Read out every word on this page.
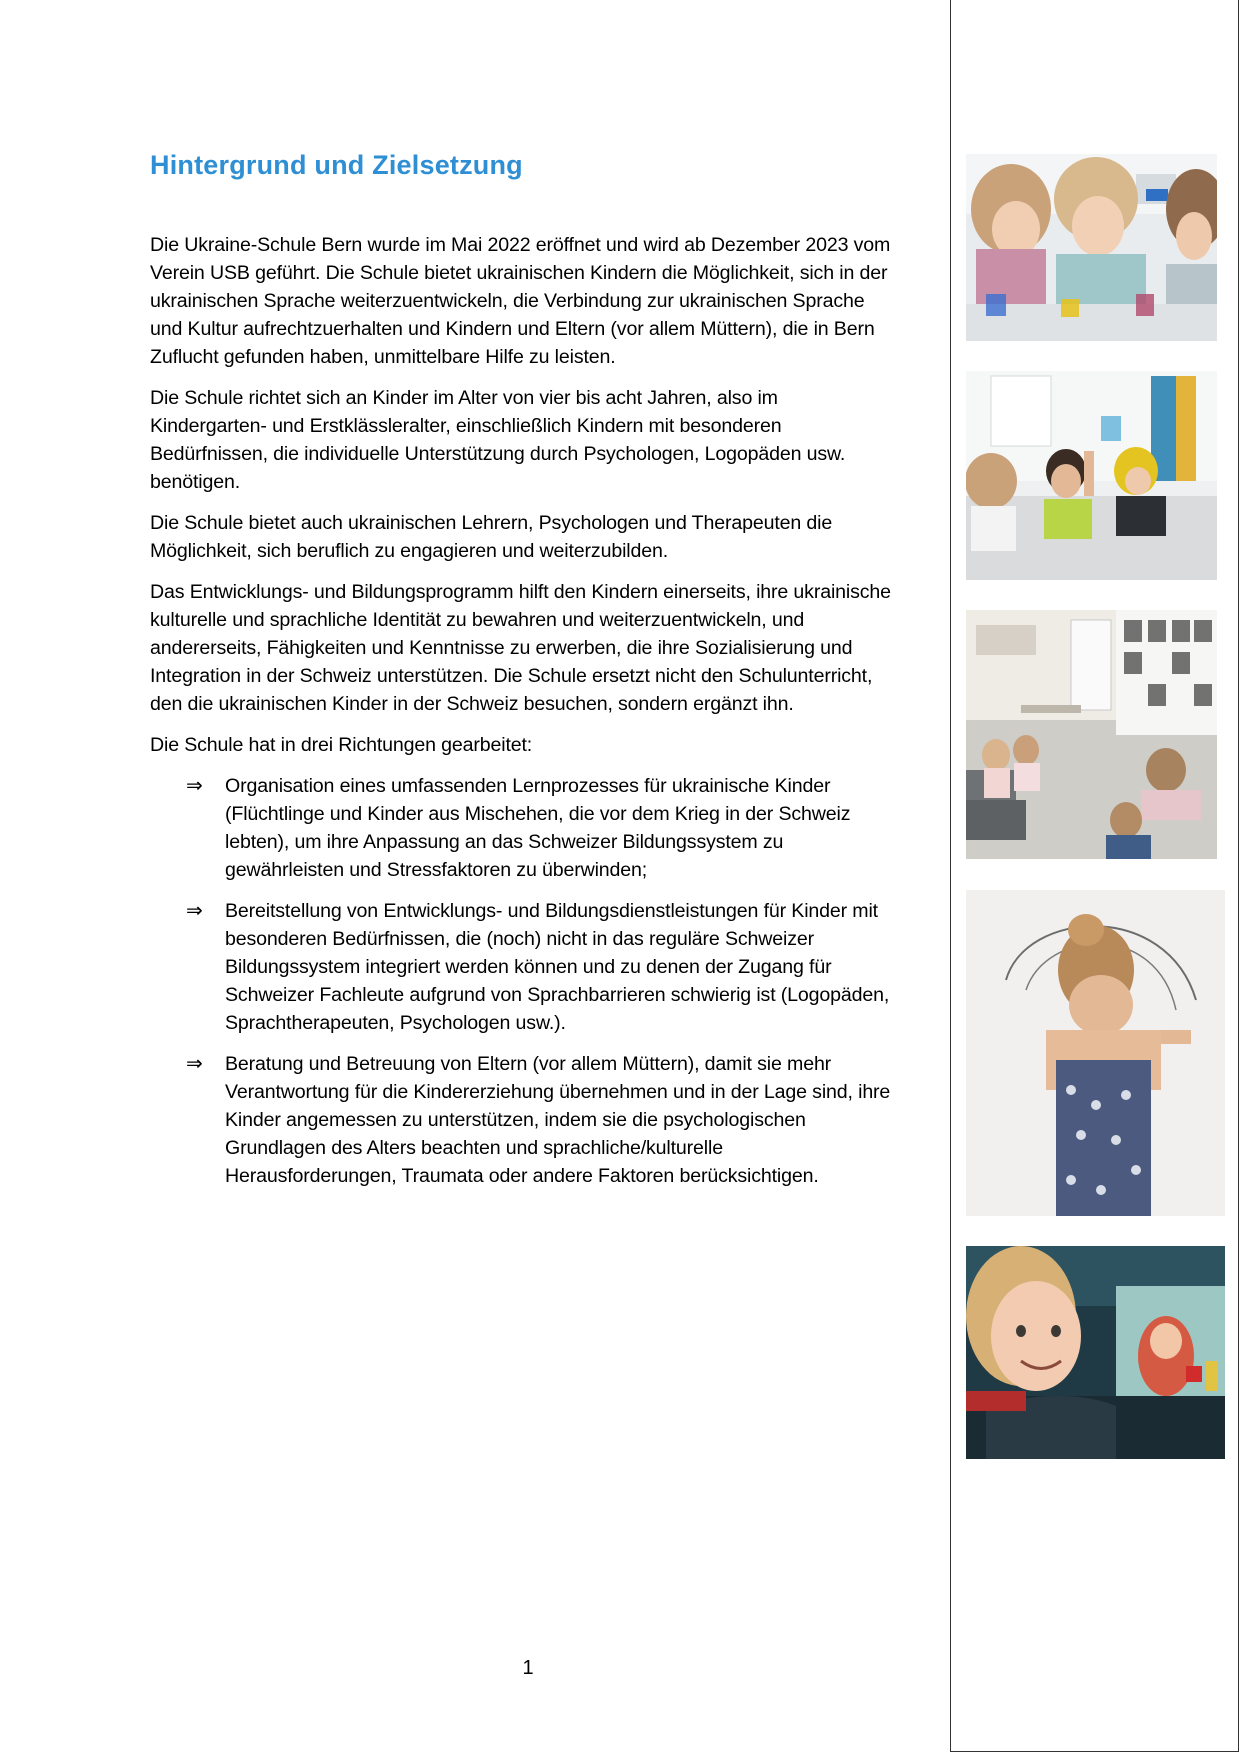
Hintergrund und Zielsetzung

Die Ukraine-Schule Bern wurde im Mai 2022 eröffnet und wird ab Dezember 2023 vom Verein USB geführt. Die Schule bietet ukrainischen Kindern die Möglichkeit, sich in der ukrainischen Sprache weiterzuentwickeln, die Verbindung zur ukrainischen Sprache und Kultur aufrechtzuerhalten und Kindern und Eltern (vor allem Müttern), die in Bern Zuflucht gefunden haben, unmittelbare Hilfe zu leisten.

Die Schule richtet sich an Kinder im Alter von vier bis acht Jahren, also im Kindergarten- und Erstklässleralter, einschließlich Kindern mit besonderen Bedürfnissen, die individuelle Unterstützung durch Psychologen, Logopäden usw. benötigen.

Die Schule bietet auch ukrainischen Lehrern, Psychologen und Therapeuten die Möglichkeit, sich beruflich zu engagieren und weiterzubilden.

Das Entwicklungs- und Bildungsprogramm hilft den Kindern einerseits, ihre ukrainische kulturelle und sprachliche Identität zu bewahren und weiterzuentwickeln, und andererseits, Fähigkeiten und Kenntnisse zu erwerben, die ihre Sozialisierung und Integration in der Schweiz unterstützen. Die Schule ersetzt nicht den Schulunterricht, den die ukrainischen Kinder in der Schweiz besuchen, sondern ergänzt ihn.

Die Schule hat in drei Richtungen gearbeitet:

⇒ Organisation eines umfassenden Lernprozesses für ukrainische Kinder (Flüchtlinge und Kinder aus Mischehen, die vor dem Krieg in der Schweiz lebten), um ihre Anpassung an das Schweizer Bildungssystem zu gewährleisten und Stressfaktoren zu überwinden;
⇒ Bereitstellung von Entwicklungs- und Bildungsdienstleistungen für Kinder mit besonderen Bedürfnissen, die (noch) nicht in das reguläre Schweizer Bildungssystem integriert werden können und zu denen der Zugang für Schweizer Fachleute aufgrund von Sprachbarrieren schwierig ist (Logopäden, Sprachtherapeuten, Psychologen usw.).
⇒ Beratung und Betreuung von Eltern (vor allem Müttern), damit sie mehr Verantwortung für die Kindererziehung übernehmen und in der Lage sind, ihre Kinder angemessen zu unterstützen, indem sie die psychologischen Grundlagen des Alters beachten und sprachliche/kulturelle Herausforderungen, Traumata oder andere Faktoren berücksichtigen.
1
